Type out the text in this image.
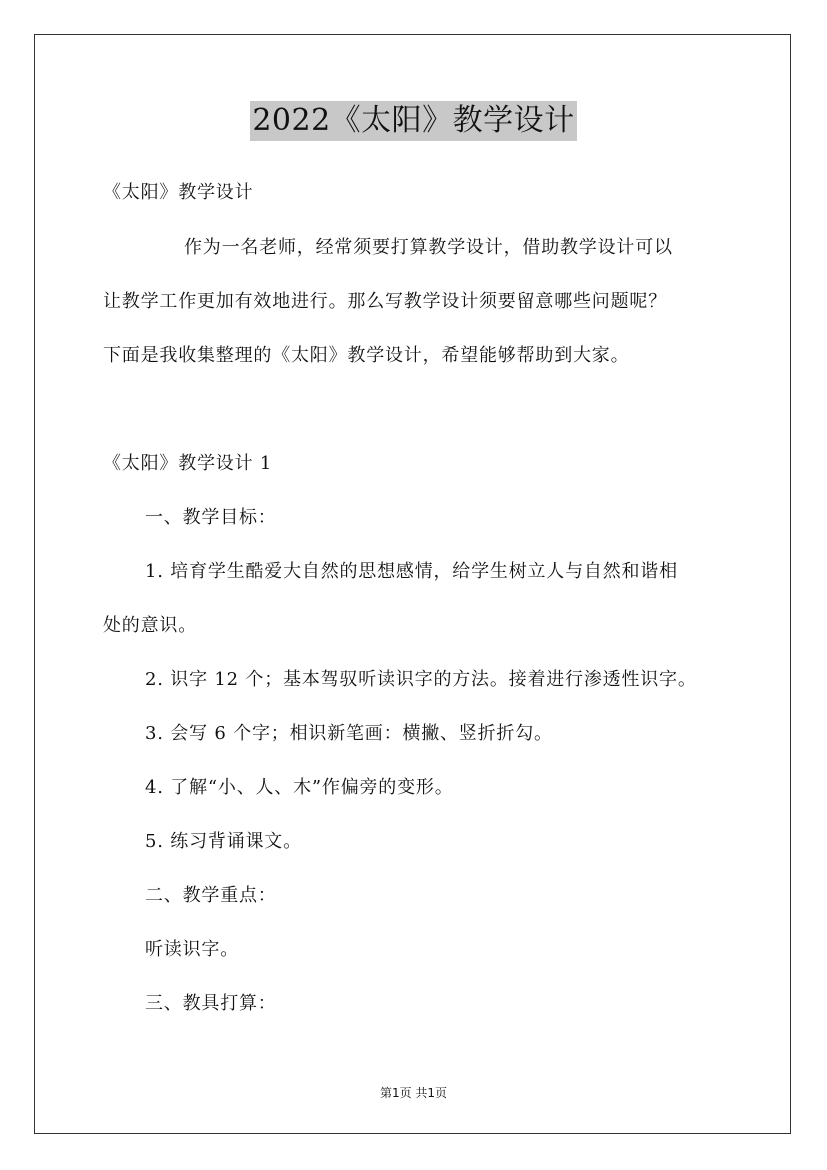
2022《太阳》教学设计
《太阳》教学设计
作为一名老师，经常须要打算教学设计，借助教学设计可以
让教学工作更加有效地进行。那么写教学设计须要留意哪些问题呢？
下面是我收集整理的《太阳》教学设计，希望能够帮助到大家。
《太阳》教学设计 1
一、教学目标：
1. 培育学生酷爱大自然的思想感情，给学生树立人与自然和谐相
处的意识。
2. 识字 12 个；基本驾驭听读识字的方法。接着进行渗透性识字。
3. 会写 6 个字；相识新笔画：横撇、竖折折勾。
4. 了解“小、人、木”作偏旁的变形。
5. 练习背诵课文。
二、教学重点：
听读识字。
三、教具打算：
第1页 共1页
